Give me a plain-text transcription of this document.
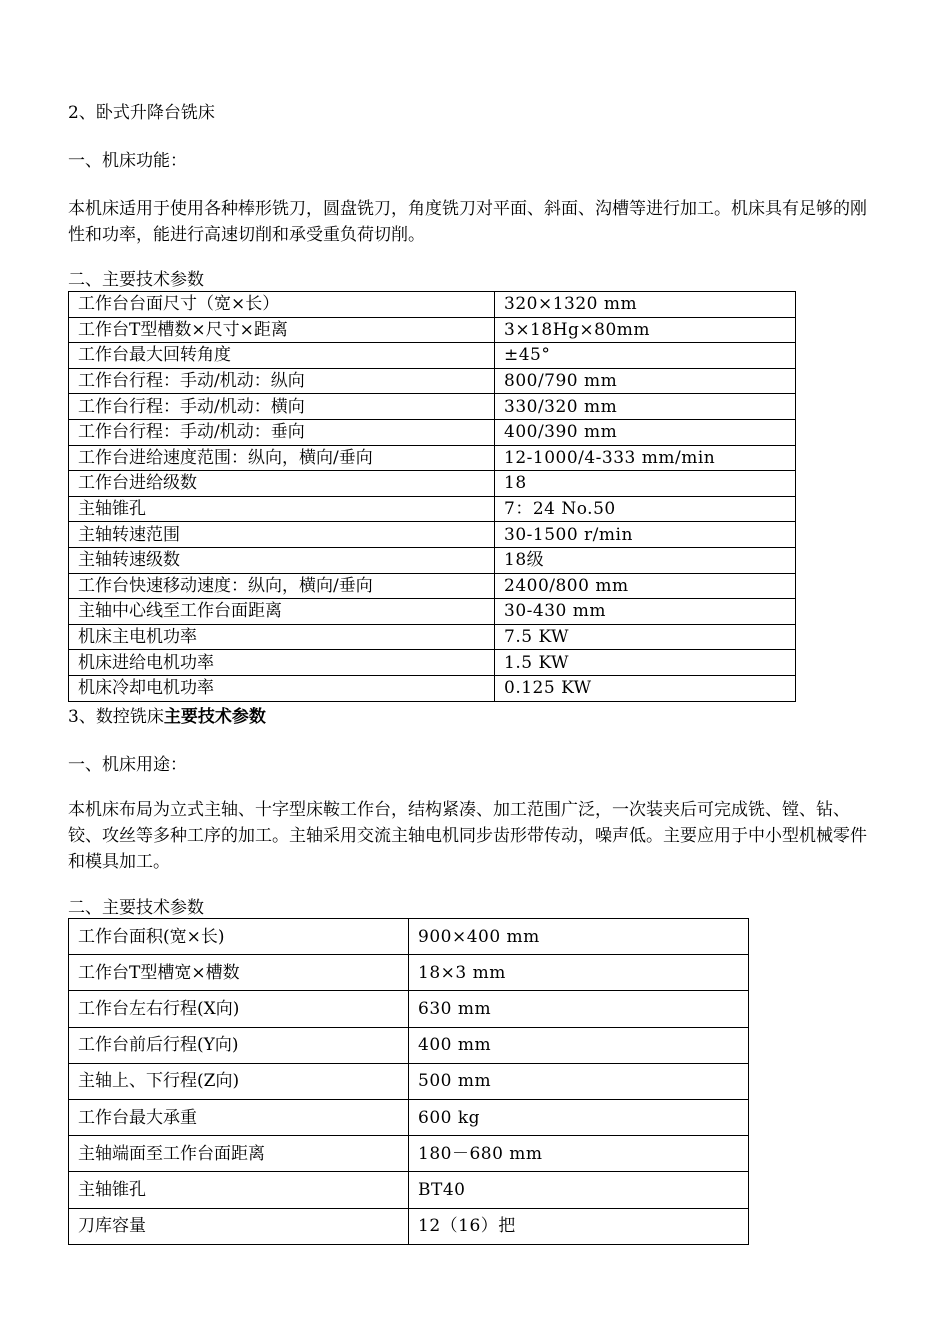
2、卧式升降台铣床

一、机床功能：

本机床适用于使用各种棒形铣刀，圆盘铣刀，角度铣刀对平面、斜面、沟槽等进行加工。机床具有足够的刚性和功率，能进行高速切削和承受重负荷切削。

二、主要技术参数

工作台台面尺寸（宽×长）	320×1320 mm
工作台T型槽数×尺寸×距离	3×18Hg×80mm
工作台最大回转角度	±45°
工作台行程：手动/机动：纵向	800/790 mm
工作台行程：手动/机动：横向	330/320 mm
工作台行程：手动/机动：垂向	400/390 mm
工作台进给速度范围：纵向，横向/垂向	12-1000/4-333 mm/min
工作台进给级数	18
主轴锥孔	7：24 No.50
主轴转速范围	30-1500 r/min
主轴转速级数	18级
工作台快速移动速度：纵向，横向/垂向	2400/800 mm
主轴中心线至工作台面距离	30-430 mm
机床主电机功率	7.5 KW
机床进给电机功率	1.5 KW
机床冷却电机功率	0.125 KW

3、数控铣床主要技术参数

一、机床用途：

本机床布局为立式主轴、十字型床鞍工作台，结构紧凑、加工范围广泛，一次装夹后可完成铣、镗、钻、铰、攻丝等多种工序的加工。主轴采用交流主轴电机同步齿形带传动，噪声低。主要应用于中小型机械零件和模具加工。

二、主要技术参数

工作台面积(宽×长)	900×400 mm
工作台T型槽宽×槽数	18×3 mm
工作台左右行程(X向)	630 mm
工作台前后行程(Y向)	400 mm
主轴上、下行程(Z向)	500 mm
工作台最大承重	600 kg
主轴端面至工作台面距离	180－680 mm
主轴锥孔	BT40
刀库容量	12（16）把
